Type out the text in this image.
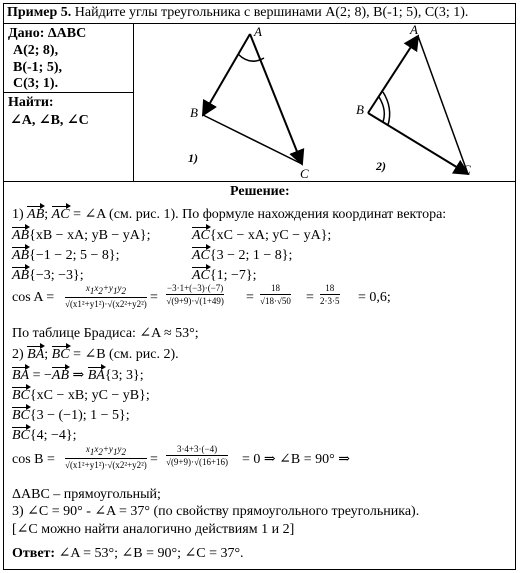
Пример 5. Найдите углы треугольника с вершинами A(2; 8), B(-1; 5), C(3; 1).
Дано: ΔABC
A(2; 8),
B(-1; 5),
C(3; 1).
Найти:
∠A, ∠B, ∠C
A
B
C
1)
A
B
C
2)
Решение:
1) AB; AC = ∠A (см. рис. 1). По формуле нахождения координат вектора:
AB{xB − xA; yB − yA};	AC{xC − xA; yC − yA};
AB{−1 − 2; 5 − 8};	AC{3 − 2; 1 − 8};
AB{−3; −3};	AC{1; −7};
$\cos A = \frac{x1x2+y1y2}{\text{√(x1²+y1²)·√(x2²+y2²)}} = \frac{-3\cdot 1+(-3)\cdot(-7)}{√(9+9)\cdot√(1+49)} = \frac{18}{√18\cdot√50} = \frac{18}{2\cdot 3\cdot 5} = 0,6$;
По таблице Брадиса: ∠A ≈ 53°;
2) BA; BC = ∠B (см. рис. 2).
BA = −AB ⇒ BA{3; 3};
BC{xC − xB; yC − yB};
BC{3 − (−1); 1 − 5};
BC{4; −4};
$\cos B = \frac{x1x2+y1y2}{\text{√(x1²+y1²)·√(x2²+y2²)}} = \frac{3\cdot 4+3\cdot(-4)}{√(9+9)\cdot√(16+16)} = 0$ ⇒ ∠B = 90° ⇒
ΔABC – прямоугольный;
3) ∠C = 90° - ∠A = 37° (по свойству прямоугольного треугольника).
[∠C можно найти аналогично действиям 1 и 2]
Ответ: ∠A = 53°; ∠B = 90°; ∠C = 37°.
